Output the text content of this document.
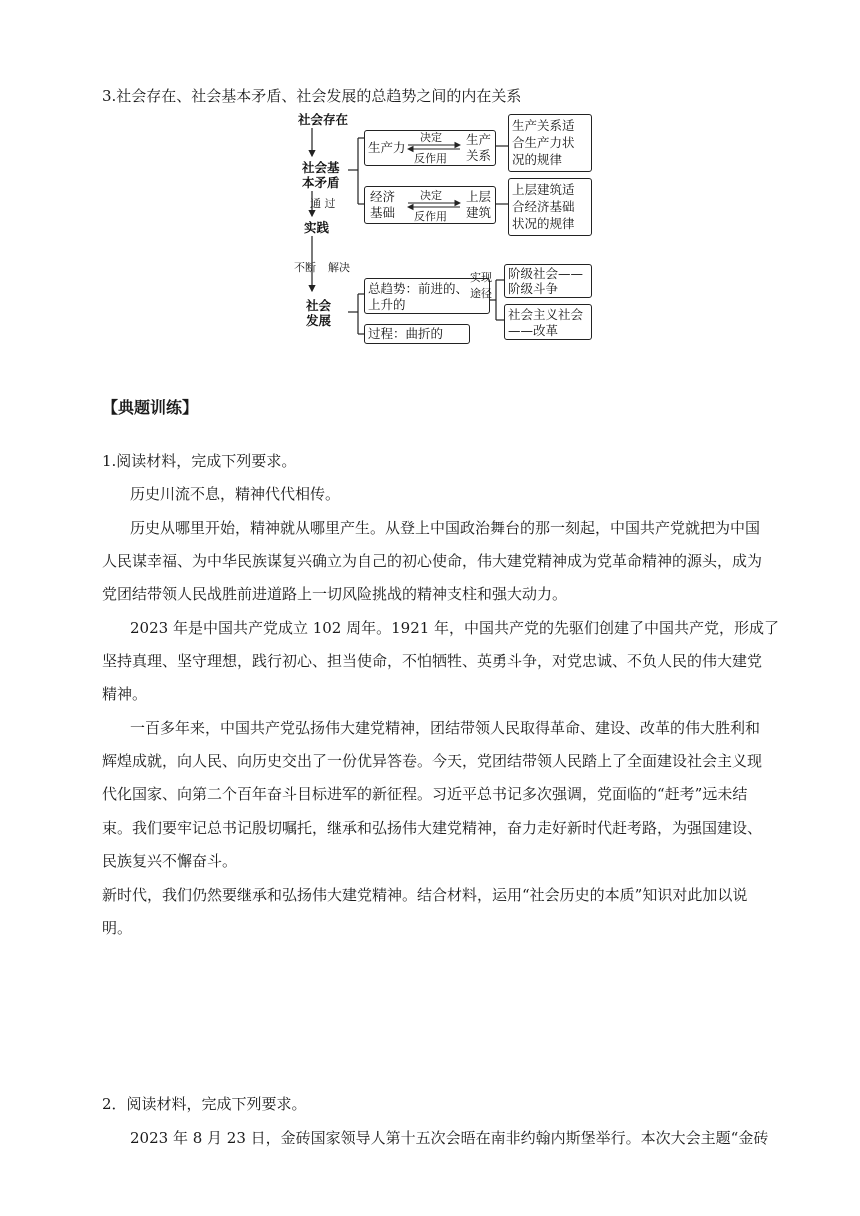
3.社会存在、社会基本矛盾、社会发展的总趋势之间的内在关系
社会存在
社会基
本矛盾
通 过
实践
不断 解决
社会
发展
生产力
决定
反作用
生产
关系
生产关系适
合生产力状
况的规律
经济
基础
决定
反作用
上层
建筑
上层建筑适
合经济基础
状况的规律
总趋势：前进的、
上升的
实现
途径
阶级社会——
阶级斗争
社会主义社会
——改革
过程：曲折的
【典题训练】
1.阅读材料，完成下列要求。
历史川流不息，精神代代相传。
历史从哪里开始，精神就从哪里产生。从登上中国政治舞台的那一刻起，中国共产党就把为中国
人民谋幸福、为中华民族谋复兴确立为自己的初心使命，伟大建党精神成为党革命精神的源头，成为
党团结带领人民战胜前进道路上一切风险挑战的精神支柱和强大动力。
2023 年是中国共产党成立 102 周年。1921 年，中国共产党的先驱们创建了中国共产党，形成了
坚持真理、坚守理想，践行初心、担当使命，不怕牺牲、英勇斗争，对党忠诚、不负人民的伟大建党
精神。
一百多年来，中国共产党弘扬伟大建党精神，团结带领人民取得革命、建设、改革的伟大胜利和
辉煌成就，向人民、向历史交出了一份优异答卷。今天，党团结带领人民踏上了全面建设社会主义现
代化国家、向第二个百年奋斗目标进军的新征程。习近平总书记多次强调，党面临的“赶考”远未结
束。我们要牢记总书记殷切嘱托，继承和弘扬伟大建党精神，奋力走好新时代赶考路，为强国建设、
民族复兴不懈奋斗。
新时代，我们仍然要继承和弘扬伟大建党精神。结合材料，运用“社会历史的本质”知识对此加以说
明。
2．阅读材料，完成下列要求。
2023 年 8 月 23 日，金砖国家领导人第十五次会晤在南非约翰内斯堡举行。本次大会主题“金砖
